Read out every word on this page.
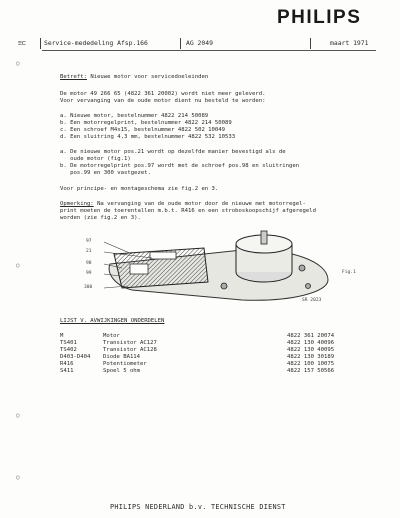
PHILIPS
≡⊏	Service-mededeling Afsp.166	AG 2049	maart 1971
○
○
○
○
Betreft: Nieuwe motor voor servicedoeleinden
De motor 49 266 65 (4822 361 20002) wordt niet meer geleverd.
Voor vervanging van de oude motor dient nu besteld te worden:
a. Nieuwe motor, bestelnummer 4822 214 50089
b. Een motorregelprint, bestelnummer 4822 214 50089
c. Een schroef M4x15, bestelnummer 4822 502 10049
d. Een sluitring 4,3 mm, bestelnummer 4822 532 10533
a. De nieuwe motor pos.21 wordt op dezelfde manier bevestigd als de
oude motor (fig.1)
b. De motorregelprint pos.97 wordt met de schroef pos.98 en sluitringen
pos.99 en 300 vastgezet.
Voor principe- en montageschema zie fig.2 en 3.
Opmerking: Na vervanging van de oude motor door de nieuwe met motorregel-
print moeten de toerentallen m.b.t. R416 en een stroboskoopschijf afgeregeld
worden (zie fig.2 en 3).
97
21
98
99
300
Fig.1
SR 2023
LIJST V. AVWIJKINGEN ONDERDELEN
M	Motor	4822 361 20074
TS401	Transistor AC127	4822 130 40096
TS402	Transistor AC128	4822 130 40095
D403-D404 Diode BA114	4822 130 30189
R416	Potentiometer	4822 100 10075
S411	Spoel 5 ohm	4822 157 50566
PHILIPS NEDERLAND b.v. TECHNISCHE DIENST
